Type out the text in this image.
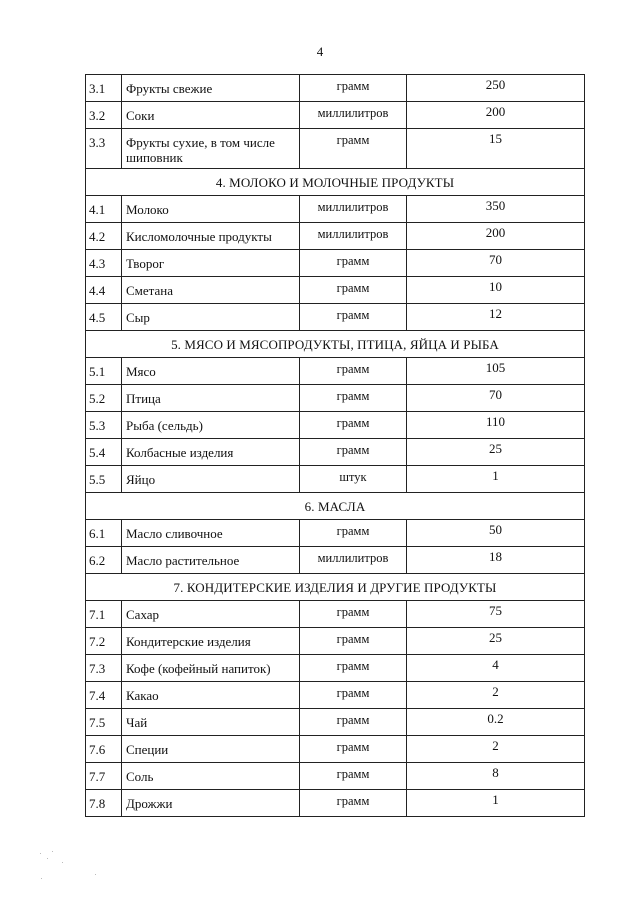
4
3.1	Фрукты свежие	грамм	250
3.2	Соки	миллилитров	200
3.3	Фрукты сухие, в том числе шиповник	грамм	15
4. МОЛОКО И МОЛОЧНЫЕ ПРОДУКТЫ			
4.1	Молоко	миллилитров	350
4.2	Кисломолочные продукты	миллилитров	200
4.3	Творог	грамм	70
4.4	Сметана	грамм	10
4.5	Сыр	грамм	12
5. МЯСО И МЯСОПРОДУКТЫ, ПТИЦА, ЯЙЦА И РЫБА			
5.1	Мясо	грамм	105
5.2	Птица	грамм	70
5.3	Рыба (сельдь)	грамм	110
5.4	Колбасные изделия	грамм	25
5.5	Яйцо	штук	1
6. МАСЛА			
6.1	Масло сливочное	грамм	50
6.2	Масло растительное	миллилитров	18
7. КОНДИТЕРСКИЕ ИЗДЕЛИЯ И ДРУГИЕ ПРОДУКТЫ			
7.1	Сахар	грамм	75
7.2	Кондитерские изделия	грамм	25
7.3	Кофе (кофейный напиток)	грамм	4
7.4	Какао	грамм	2
7.5	Чай	грамм	0.2
7.6	Специи	грамм	2
7.7	Соль	грамм	8
7.8	Дрожжи	грамм	1
